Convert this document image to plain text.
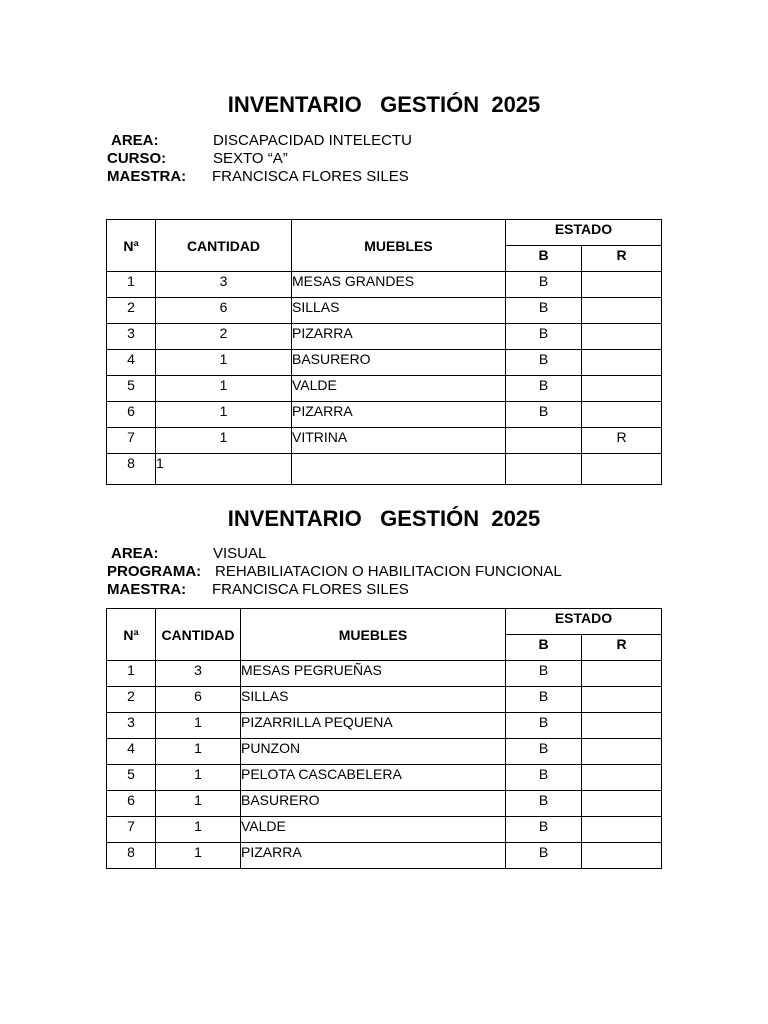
INVENTARIO   GESTIÓN  2025

AREA:

	DISCAPACIDAD INTELECTU

CURSO:

	SEXTO “A”

MAESTRA:

FRANCISCA FLORES SILES

Nª	CANTIDAD	MUEBLES	ESTADO	
			B	R
1	3	MESAS GRANDES	B	
2	6	SILLAS	B	
3	2	PIZARRA	B	
4	1	BASURERO	B	
5	1	VALDE	B	
6	1	PIZARRA	B	
7	1	VITRINA		R
8	1			
INVENTARIO   GESTIÓN  2025

AREA:

	VISUAL

PROGRAMA:

REHABILIATACION O HABILITACION FUNCIONAL

MAESTRA:

FRANCISCA FLORES SILES

Nª	CANTIDAD	MUEBLES	ESTADO	
			B	R
1	3	MESAS PEGRUEÑAS	B	
2	6	SILLAS	B	
3	1	PIZARRILLA PEQUENA	B	
4	1	PUNZON	B	
5	1	PELOTA CASCABELERA	B	
6	1	BASURERO	B	
7	1	VALDE	B	
8	1	PIZARRA	B	
